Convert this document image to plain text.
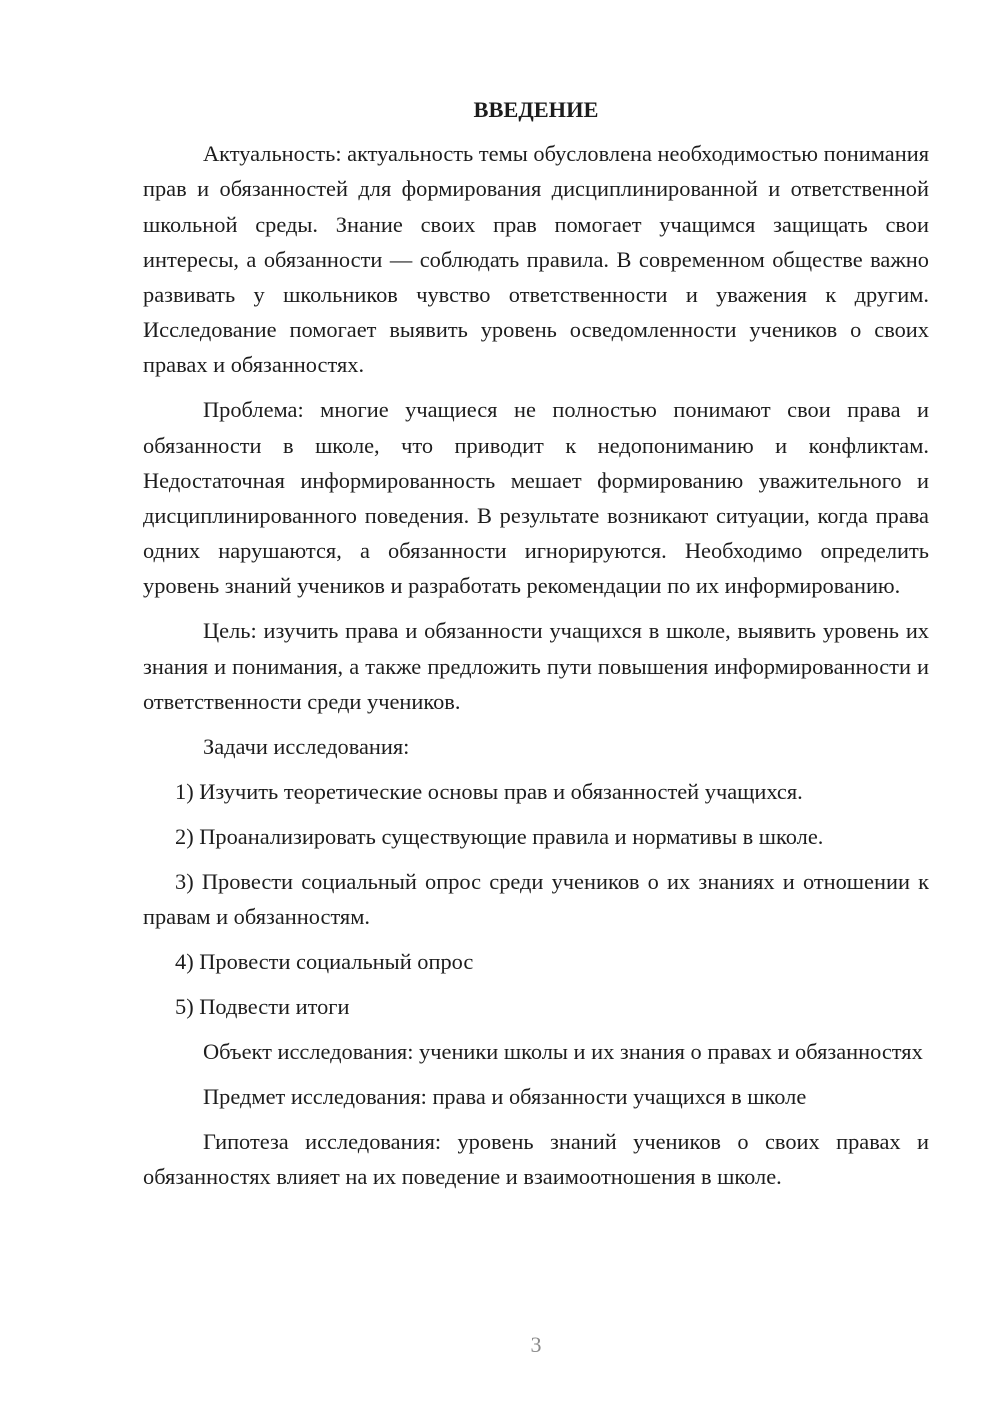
ВВЕДЕНИЕ

Актуальность: актуальность темы обусловлена необходимостью понимания прав и обязанностей для формирования дисциплинированной и ответственной школьной среды. Знание своих прав помогает учащимся защищать свои интересы, а обязанности — соблюдать правила. В современном обществе важно развивать у школьников чувство ответственности и уважения к другим. Исследование помогает выявить уровень осведомленности учеников о своих правах и обязанностях.

Проблема: многие учащиеся не полностью понимают свои права и обязанности в школе, что приводит к недопониманию и конфликтам. Недостаточная информированность мешает формированию уважительного и дисциплинированного поведения. В результате возникают ситуации, когда права одних нарушаются, а обязанности игнорируются. Необходимо определить уровень знаний учеников и разработать рекомендации по их информированию.

Цель: изучить права и обязанности учащихся в школе, выявить уровень их знания и понимания, а также предложить пути повышения информированности и ответственности среди учеников.

Задачи исследования:

1) Изучить теоретические основы прав и обязанностей учащихся.

2) Проанализировать существующие правила и нормативы в школе.

3) Провести социальный опрос среди учеников о их знаниях и отношении к правам и обязанностям.

4) Провести социальный опрос

5) Подвести итоги

Объект исследования: ученики школы и их знания о правах и обязанностях

Предмет исследования: права и обязанности учащихся в школе

Гипотеза исследования: уровень знаний учеников о своих правах и обязанностях влияет на их поведение и взаимоотношения в школе.

3
